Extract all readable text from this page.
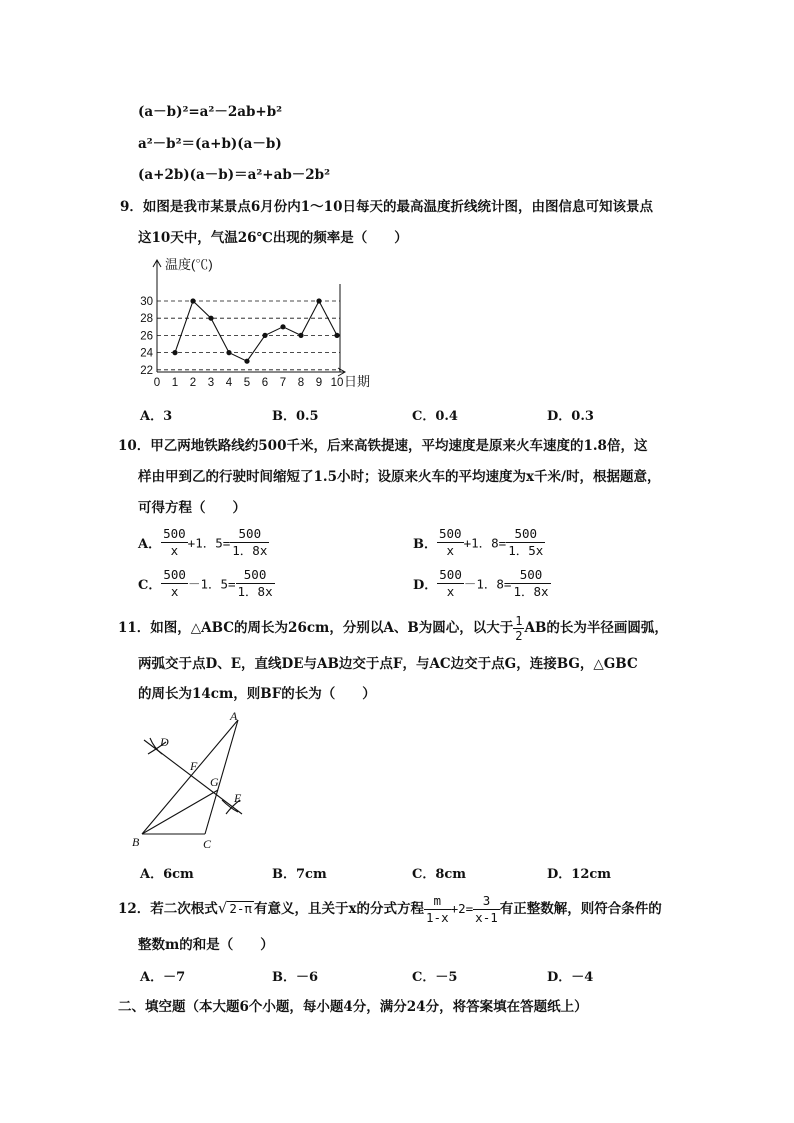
(a－b)²=a²－2ab+b²
a²－b²＝(a+b)(a－b)
(a+2b)(a－b)＝a²+ab－2b²
9．如图是我市某景点6月份内1～10日每天的最高温度折线统计图，由图信息可知该景点
这10天中，气温26℃出现的频率是（　　）
22
24
26
28
30
0 1 2 3 4 5 6 7 8 9 10
温度(℃)
日期
A．3	B．0.5	C．0.4	D．0.3
10．甲乙两地铁路线约500千米，后来高铁提速，平均速度是原来火车速度的1.8倍，这
样由甲到乙的行驶时间缩短了1.5小时；设原来火车的平均速度为x千米/时，根据题意，
可得方程（　　）
A． $\frac{500}{x} +1$．$5= \frac{500}{1.8x}$	B． $\frac{500}{x} +1$．$8= \frac{500}{1.5x}$
C． $\frac{500}{x} -1$．$5= \frac{500}{1.8x}$	D． $\frac{500}{x} -1$．$8= \frac{500}{1.8x}$
11．如图，△ABC的周长为26cm，分别以A、B为圆心，以大于 $\frac{1}{2}$ AB的长为半径画圆弧，
两弧交于点D、E，直线DE与AB边交于点F，与AC边交于点G，连接BG，△GBC
的周长为14cm，则BF的长为（　　）
A
B	C
D
E
F
G
A．6cm	B．7cm	C．8cm	D．12cm
12．若二次根式√ 2-π 有意义，且关于x的分式方程 $\frac{m}{1-x} +2= \frac{3}{x-1}$ 有正整数解，则符合条件的
整数m的和是（　　）
A．－7	B．－6	C．－5	D．－4
二、填空题（本大题6个小题，每小题4分，满分24分，将答案填在答题纸上）
